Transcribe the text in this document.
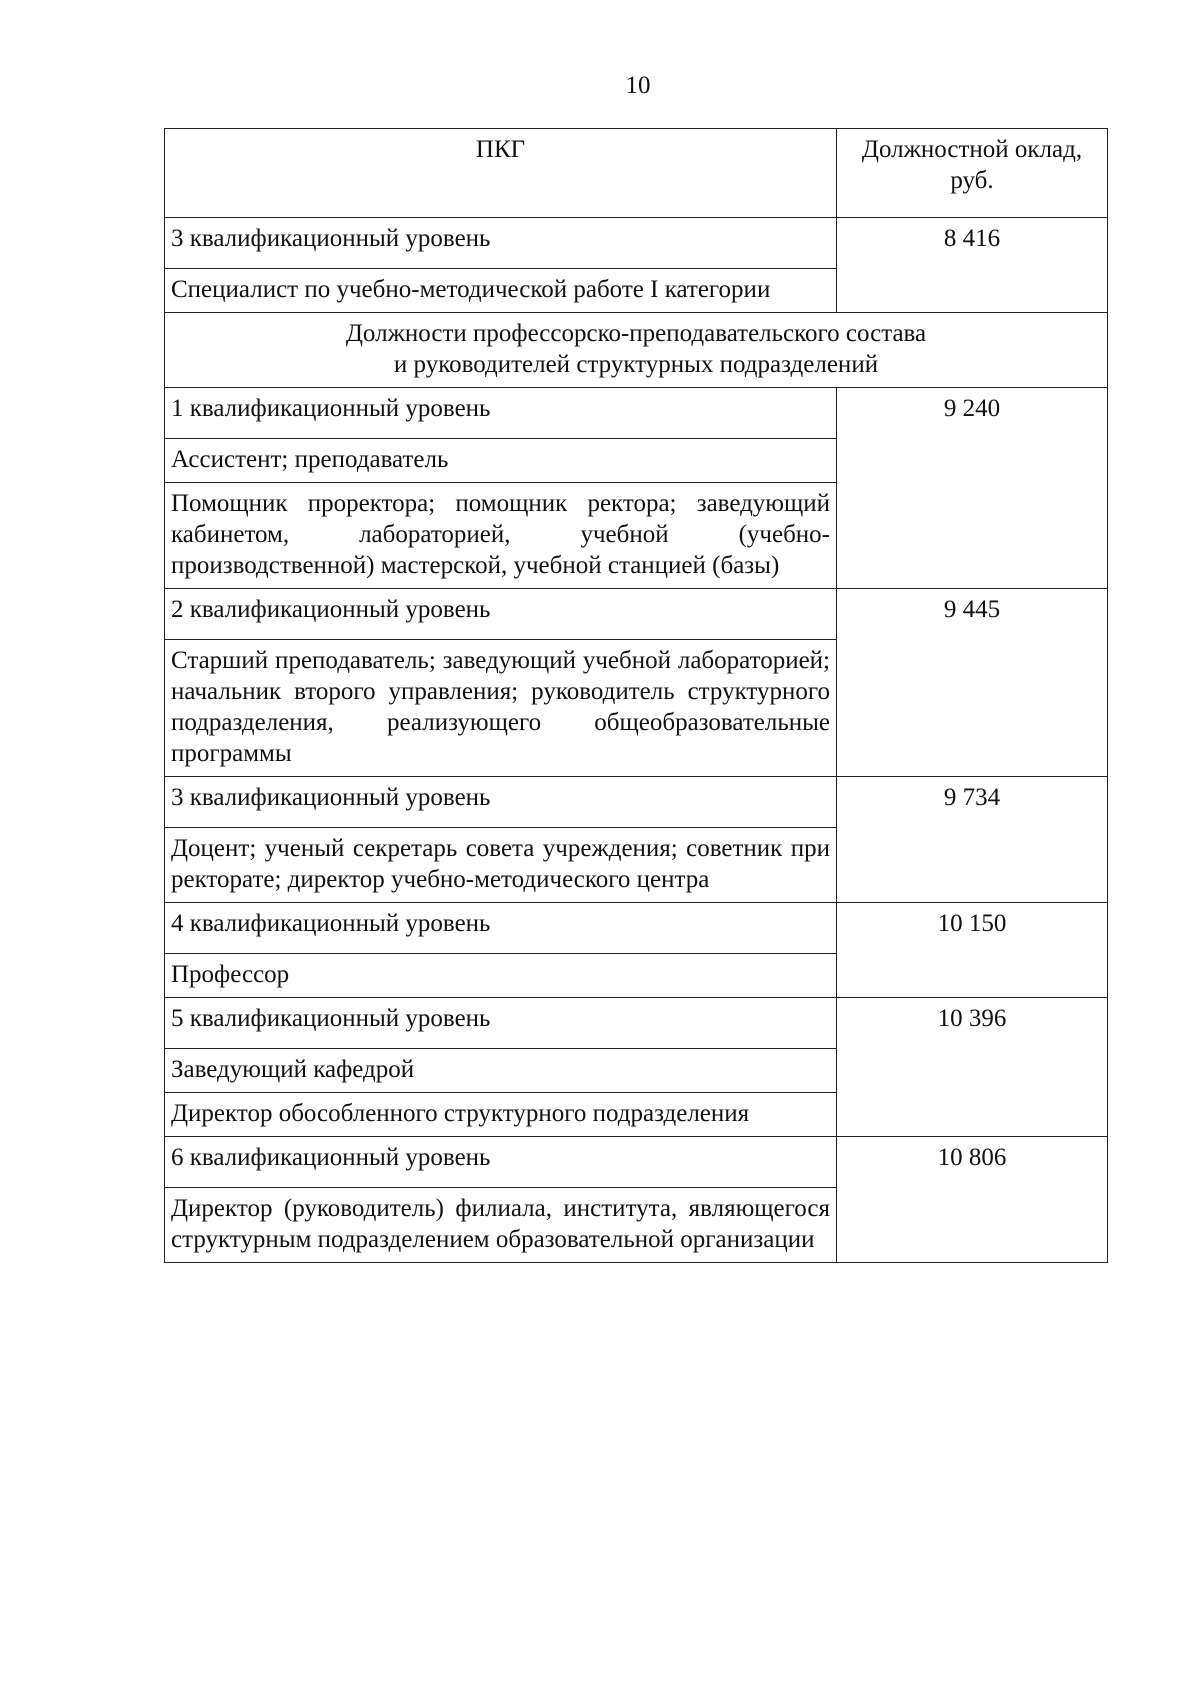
10
ПКГ	Должностной оклад, руб.
3 квалификационный уровень	8 416
Специалист по учебно-методической работе I категории	

Должности профессорско-преподавательского состава
и руководителей структурных подразделений	

1 квалификационный уровень	9 240
Ассистент; преподаватель	
Помощник проректора; помощник ректора; заведующий кабинетом, лабораторией, учебной (учебно-производственной) мастерской, учебной станцией (базы)	
2 квалификационный уровень	9 445
Старший преподаватель; заведующий учебной лабораторией; начальник второго управления; руководитель структурного подразделения, реализующего общеобразовательные программы	
3 квалификационный уровень	9 734
Доцент; ученый секретарь совета учреждения; советник при ректорате; директор учебно-методического центра	
4 квалификационный уровень	10 150
Профессор	
5 квалификационный уровень	10 396
Заведующий кафедрой	
Директор обособленного структурного подразделения	
6 квалификационный уровень	10 806
Директор (руководитель) филиала, института, являющегося структурным подразделением образовательной организации	
